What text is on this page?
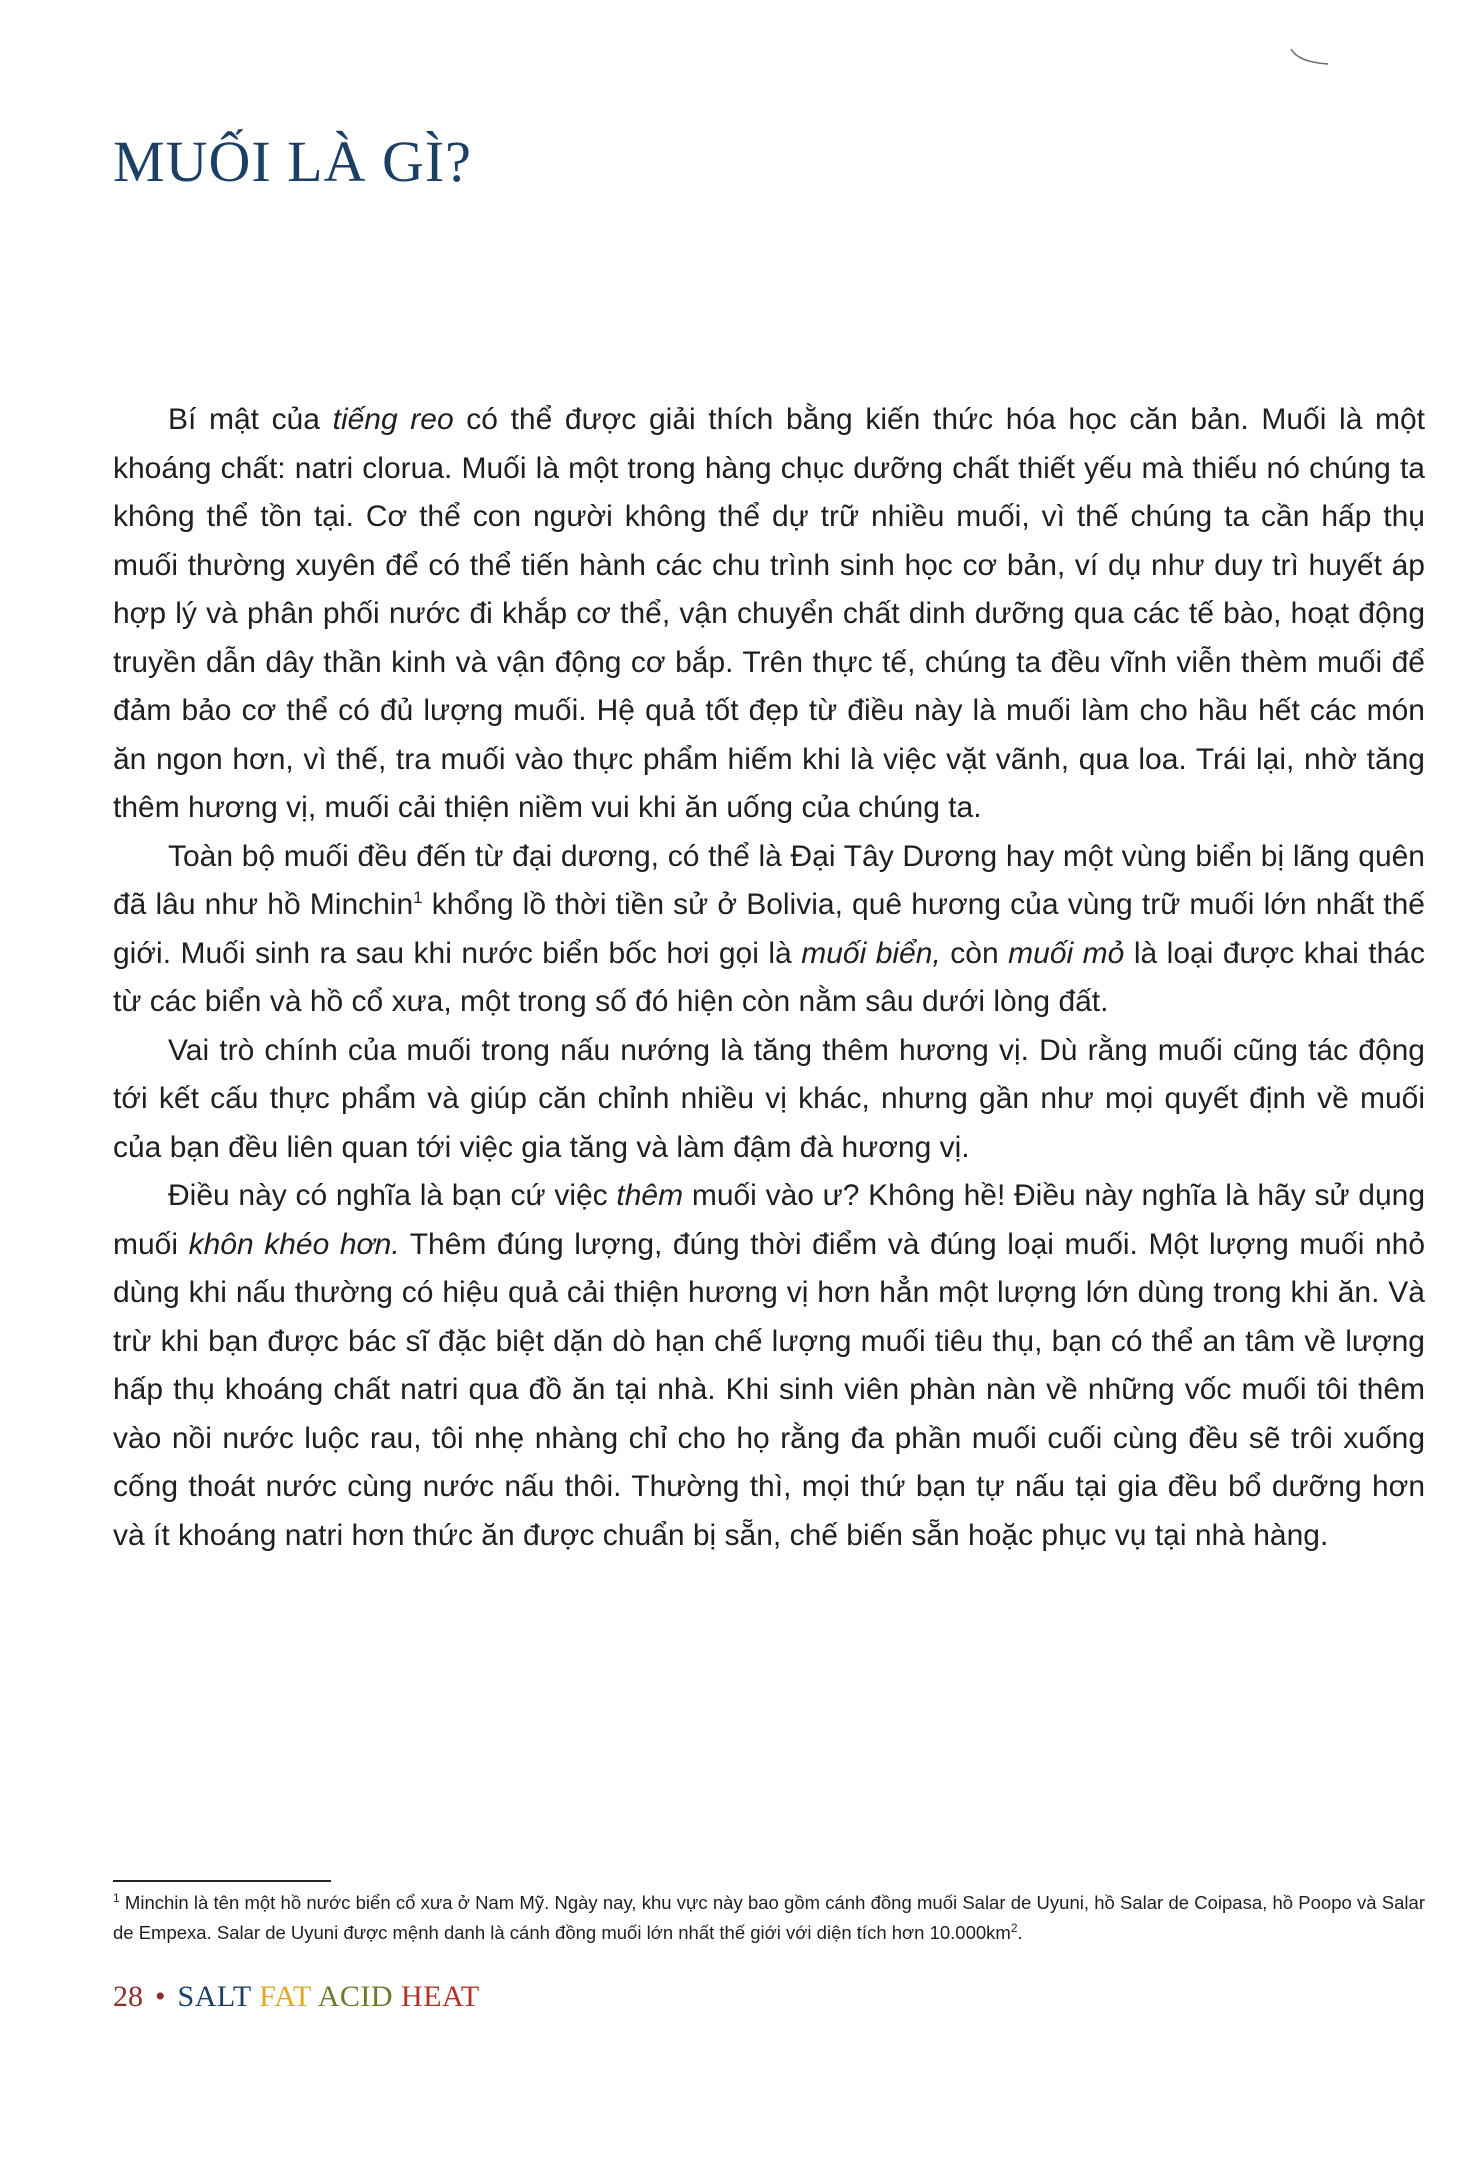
MUỐI LÀ GÌ?

Bí mật của tiếng reo có thể được giải thích bằng kiến thức hóa học căn bản. Muối là một khoáng chất: natri clorua. Muối là một trong hàng chục dưỡng chất thiết yếu mà thiếu nó chúng ta không thể tồn tại. Cơ thể con người không thể dự trữ nhiều muối, vì thế chúng ta cần hấp thụ muối thường xuyên để có thể tiến hành các chu trình sinh học cơ bản, ví dụ như duy trì huyết áp hợp lý và phân phối nước đi khắp cơ thể, vận chuyển chất dinh dưỡng qua các tế bào, hoạt động truyền dẫn dây thần kinh và vận động cơ bắp. Trên thực tế, chúng ta đều vĩnh viễn thèm muối để đảm bảo cơ thể có đủ lượng muối. Hệ quả tốt đẹp từ điều này là muối làm cho hầu hết các món ăn ngon hơn, vì thế, tra muối vào thực phẩm hiếm khi là việc vặt vãnh, qua loa. Trái lại, nhờ tăng thêm hương vị, muối cải thiện niềm vui khi ăn uống của chúng ta.

Toàn bộ muối đều đến từ đại dương, có thể là Đại Tây Dương hay một vùng biển bị lãng quên đã lâu như hồ Minchin$^1$ khổng lồ thời tiền sử ở Bolivia, quê hương của vùng trữ muối lớn nhất thế giới. Muối sinh ra sau khi nước biển bốc hơi gọi là muối biển, còn muối mỏ là loại được khai thác từ các biển và hồ cổ xưa, một trong số đó hiện còn nằm sâu dưới lòng đất.

Vai trò chính của muối trong nấu nướng là tăng thêm hương vị. Dù rằng muối cũng tác động tới kết cấu thực phẩm và giúp căn chỉnh nhiều vị khác, nhưng gần như mọi quyết định về muối của bạn đều liên quan tới việc gia tăng và làm đậm đà hương vị.

Điều này có nghĩa là bạn cứ việc thêm muối vào ư? Không hề! Điều này nghĩa là hãy sử dụng muối khôn khéo hơn. Thêm đúng lượng, đúng thời điểm và đúng loại muối. Một lượng muối nhỏ dùng khi nấu thường có hiệu quả cải thiện hương vị hơn hẳn một lượng lớn dùng trong khi ăn. Và trừ khi bạn được bác sĩ đặc biệt dặn dò hạn chế lượng muối tiêu thụ, bạn có thể an tâm về lượng hấp thụ khoáng chất natri qua đồ ăn tại nhà. Khi sinh viên phàn nàn về những vốc muối tôi thêm vào nồi nước luộc rau, tôi nhẹ nhàng chỉ cho họ rằng đa phần muối cuối cùng đều sẽ trôi xuống cống thoát nước cùng nước nấu thôi. Thường thì, mọi thứ bạn tự nấu tại gia đều bổ dưỡng hơn và ít khoáng natri hơn thức ăn được chuẩn bị sẵn, chế biến sẵn hoặc phục vụ tại nhà hàng.

$^1$ Minchin là tên một hồ nước biển cổ xưa ở Nam Mỹ. Ngày nay, khu vực này bao gồm cánh đồng muối Salar de Uyuni, hồ Salar de Coipasa, hồ Poopo và Salar de Empexa. Salar de Uyuni được mệnh danh là cánh đồng muối lớn nhất thế giới với diện tích hơn $10.000km^2$.

28 • SALT FAT ACID HEAT
